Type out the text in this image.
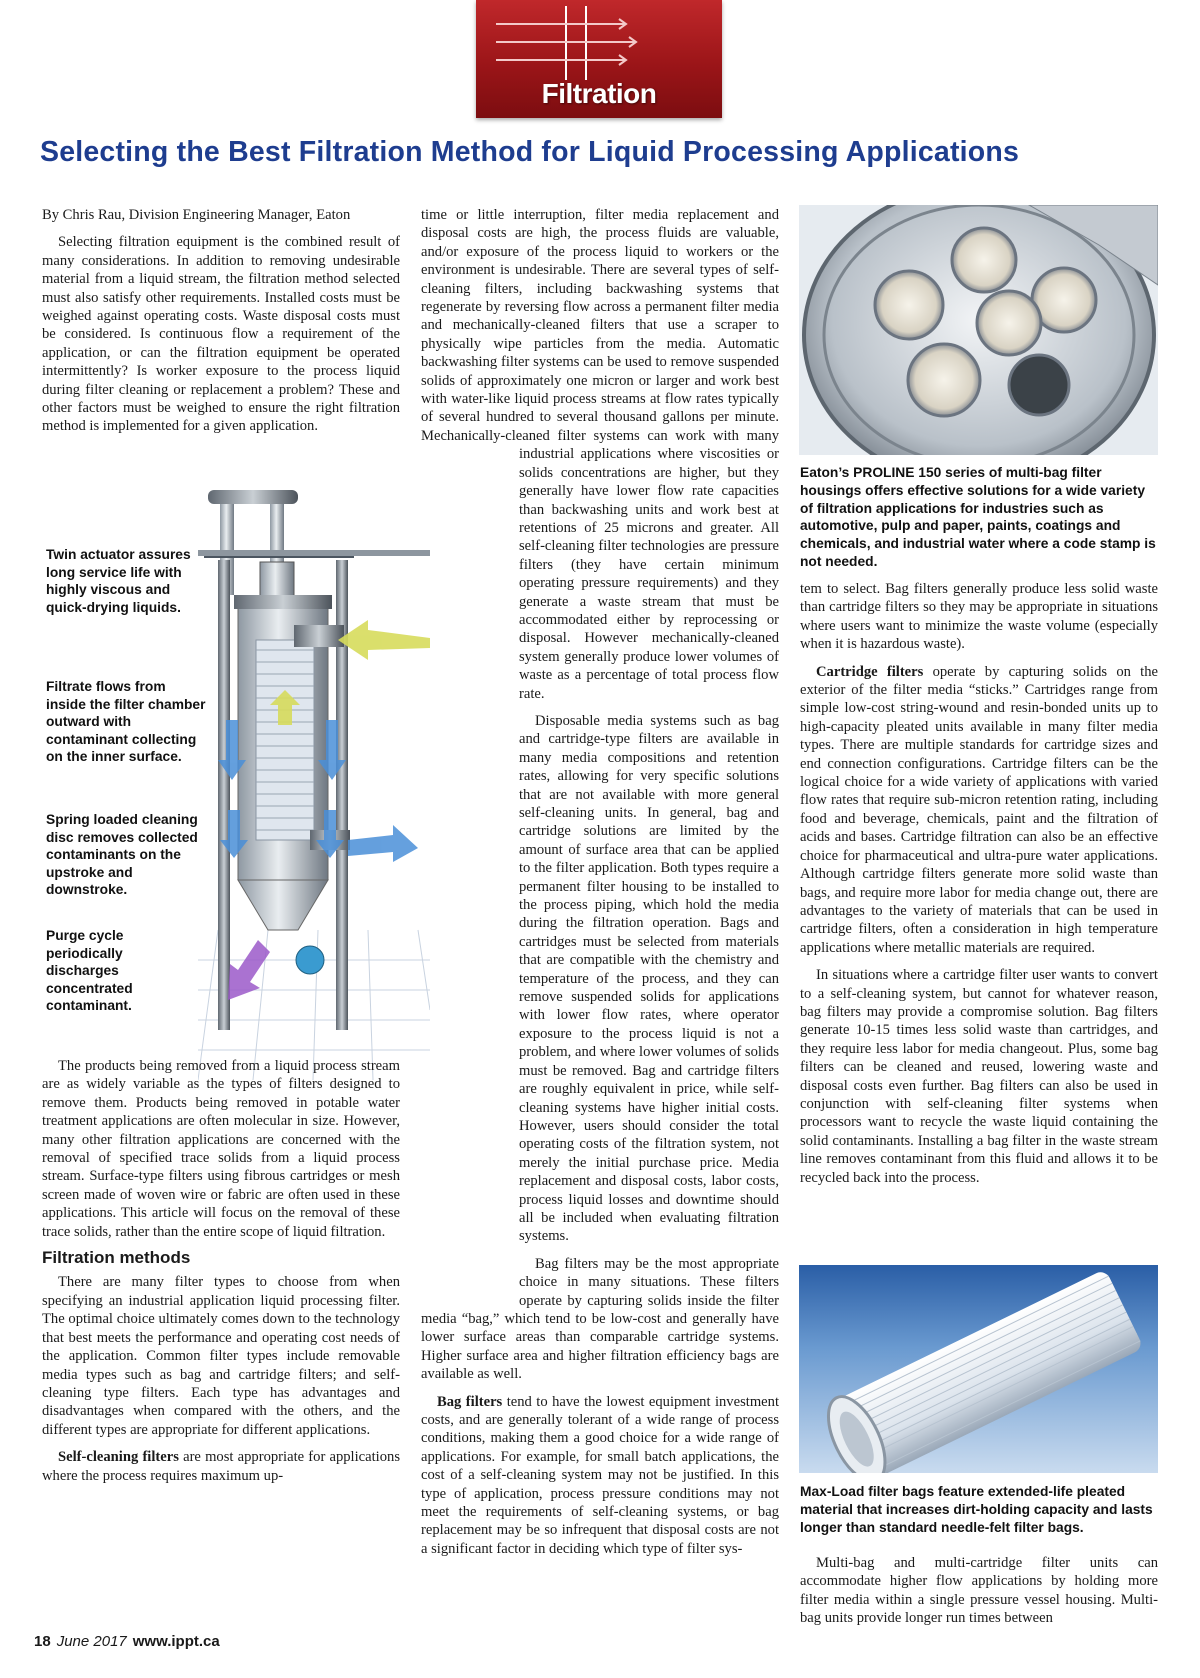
Filtration
Selecting the Best Filtration Method for Liquid Processing Applications

By Chris Rau, Division Engineering Manager, Eaton

Selecting filtration equipment is the combined result of many considerations. In addition to removing undesirable material from a liquid stream, the filtration method selected must also satisfy other requirements. Installed costs must be weighed against operating costs. Waste disposal costs must be considered. Is continuous flow a requirement of the application, or can the filtration equipment be operated intermittently? Is worker exposure to the process liquid during filter cleaning or replacement a problem? These and other factors must be weighed to ensure the right filtration method is implemented for a given application.

Twin actuator assures long service life with highly viscous and quick-drying liquids.
Filtrate flows from inside the filter chamber outward with contaminant collecting on the inner surface.
Spring loaded cleaning disc removes collected contaminants on the upstroke and downstroke.
Purge cycle periodically discharges concentrated contaminant.

The products being removed from a liquid process stream are as widely variable as the types of filters designed to remove them. Products being removed in potable water treatment applications are often molecular in size. However, many other filtration applications are concerned with the removal of specified trace solids from a liquid process stream. Surface-type filters using fibrous cartridges or mesh screen made of woven wire or fabric are often used in these applications. This article will focus on the removal of these trace solids, rather than the entire scope of liquid filtration.

Filtration methods

There are many filter types to choose from when specifying an industrial application liquid processing filter. The optimal choice ultimately comes down to the technology that best meets the performance and operating cost needs of the application. Common filter types include removable media types such as bag and cartridge filters; and self-cleaning type filters. Each type has advantages and disadvantages when compared with the others, and the different types are appropriate for different applications.

Self-cleaning filters are most appropriate for applications where the process requires maximum up-

time or little interruption, filter media replacement and disposal costs are high, the process fluids are valuable, and/or exposure of the process liquid to workers or the environment is undesirable. There are several types of self-cleaning filters, including backwashing systems that regenerate by reversing flow across a permanent filter media and mechanically-cleaned filters that use a scraper to physically wipe particles from the media. Automatic backwashing filter systems can be used to remove suspended solids of approximately one micron or larger and work best with water-like liquid process streams at flow rates typically of several hundred to several thousand gallons per minute. Mechanically-cleaned filter systems can work with many industrial applications where viscosities or solids concentrations are higher, but they generally have lower flow rate capacities than backwashing units and work best at retentions of 25 microns and greater. All self-cleaning filter technologies are pressure filters (they have certain minimum operating pressure requirements) and they generate a waste stream that must be accommodated either by reprocessing or disposal. However mechanically-cleaned system generally produce lower volumes of waste as a percentage of total process flow rate.

Disposable media systems such as bag and cartridge-type filters are available in many media compositions and retention rates, allowing for very specific solutions that are not available with more general self-cleaning units. In general, bag and cartridge solutions are limited by the amount of surface area that can be applied to the filter application. Both types require a permanent filter housing to be installed to the process piping, which hold the media during the filtration operation. Bags and cartridges must be selected from materials that are compatible with the chemistry and temperature of the process, and they can remove suspended solids for applications with lower flow rates, where operator exposure to the process liquid is not a problem, and where lower volumes of solids must be removed. Bag and cartridge filters are roughly equivalent in price, while self-cleaning systems have higher initial costs. However, users should consider the total operating costs of the filtration system, not merely the initial purchase price. Media replacement and disposal costs, labor costs, process liquid losses and downtime should all be included when evaluating filtration systems.

Bag filters may be the most appropriate choice in many situations. These filters operate by capturing solids inside the filter media “bag,” which tend to be low-cost and generally have lower surface areas than comparable cartridge systems. Higher surface area and higher filtration efficiency bags are available as well.

Bag filters tend to have the lowest equipment investment costs, and are generally tolerant of a wide range of process conditions, making them a good choice for a wide range of applications. For example, for small batch applications, the cost of a self-cleaning system may not be justified. In this type of application, process pressure conditions may not meet the requirements of self-cleaning systems, or bag replacement may be so infrequent that disposal costs are not a significant factor in deciding which type of filter sys-

Eaton’s PROLINE 150 series of multi-bag filter housings offers effective solutions for a wide variety of filtration applications for industries such as automotive, pulp and paper, paints, coatings and chemicals, and industrial water where a code stamp is not needed.

tem to select. Bag filters generally produce less solid waste than cartridge filters so they may be appropriate in situations where users want to minimize the waste volume (especially when it is hazardous waste).

Cartridge filters operate by capturing solids on the exterior of the filter media “sticks.” Cartridges range from simple low-cost string-wound and resin-bonded units up to high-capacity pleated units available in many filter media types. There are multiple standards for cartridge sizes and end connection configurations. Cartridge filters can be the logical choice for a wide variety of applications with varied flow rates that require sub-micron retention rating, including food and beverage, chemicals, paint and the filtration of acids and bases. Cartridge filtration can also be an effective choice for pharmaceutical and ultra-pure water applications. Although cartridge filters generate more solid waste than bags, and require more labor for media change out, there are advantages to the variety of materials that can be used in cartridge filters, often a consideration in high temperature applications where metallic materials are required.

In situations where a cartridge filter user wants to convert to a self-cleaning system, but cannot for whatever reason, bag filters may provide a compromise solution. Bag filters generate 10-15 times less solid waste than cartridges, and they require less labor for media changeout. Plus, some bag filters can be cleaned and reused, lowering waste and disposal costs even further. Bag filters can also be used in conjunction with self-cleaning filter systems when processors want to recycle the waste liquid containing the solid contaminants. Installing a bag filter in the waste stream line removes contaminant from this fluid and allows it to be recycled back into the process.

Max-Load filter bags feature extended-life pleated material that increases dirt-holding capacity and lasts longer than standard needle-felt filter bags.

Multi-bag and multi-cartridge filter units can accommodate higher flow applications by holding more filter media within a single pressure vessel housing. Multi-bag units provide longer run times between

18 June 2017 www.ippt.ca
